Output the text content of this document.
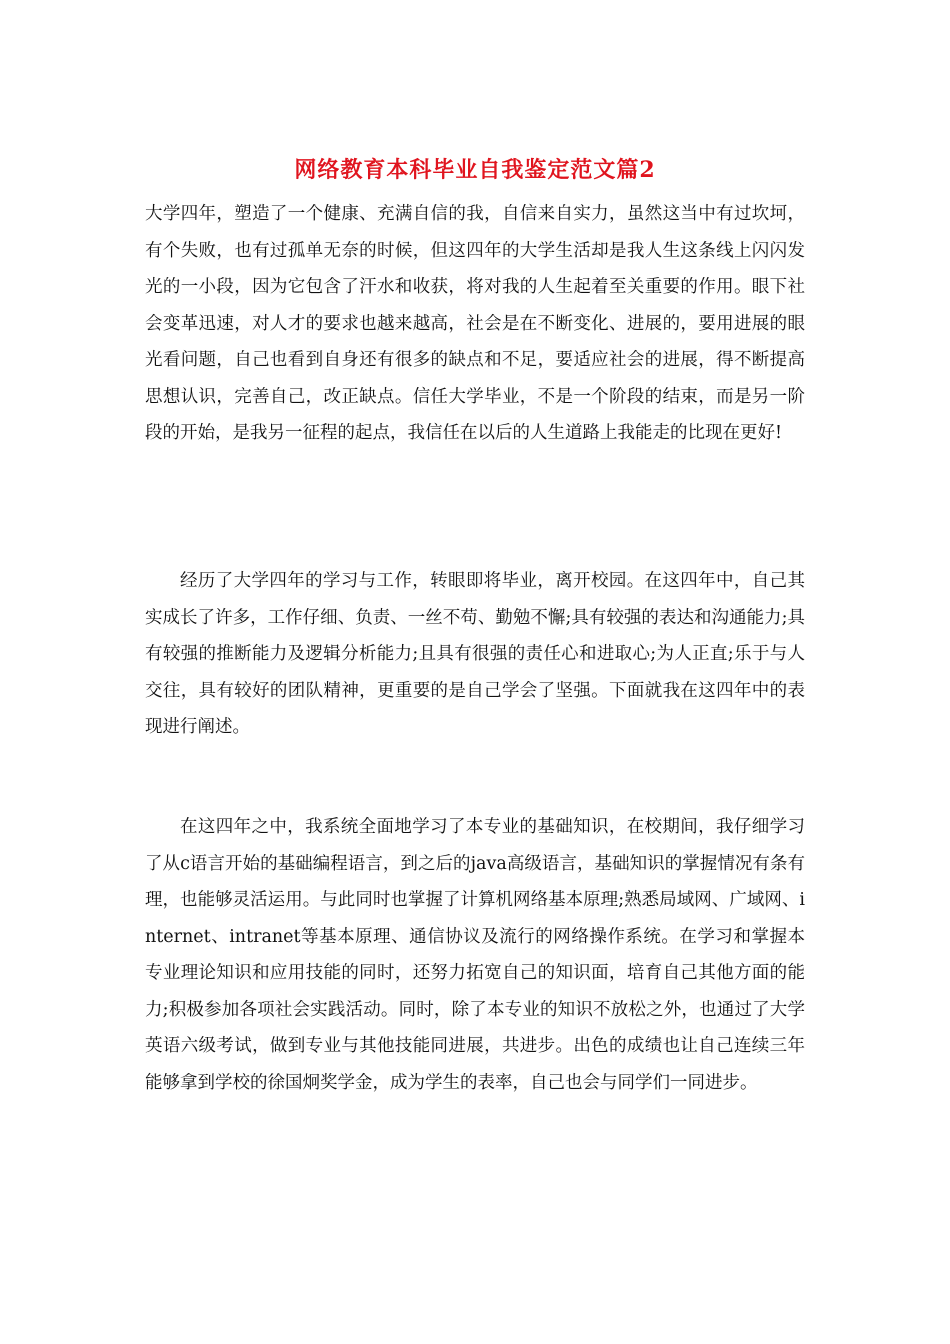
网络教育本科毕业自我鉴定范文篇2

大学四年，塑造了一个健康、充满自信的我，自信来自实力，虽然这当中有过坎坷，有个失败，也有过孤单无奈的时候，但这四年的大学生活却是我人生这条线上闪闪发光的一小段，因为它包含了汗水和收获，将对我的人生起着至关重要的作用。眼下社会变革迅速，对人才的要求也越来越高，社会是在不断变化、进展的，要用进展的眼光看问题，自己也看到自身还有很多的缺点和不足，要适应社会的进展，得不断提高思想认识，完善自己，改正缺点。信任大学毕业，不是一个阶段的结束，而是另一阶段的开始，是我另一征程的起点，我信任在以后的人生道路上我能走的比现在更好!

经历了大学四年的学习与工作，转眼即将毕业，离开校园。在这四年中，自己其实成长了许多，工作仔细、负责、一丝不苟、勤勉不懈;具有较强的表达和沟通能力;具有较强的推断能力及逻辑分析能力;且具有很强的责任心和进取心;为人正直;乐于与人交往，具有较好的团队精神，更重要的是自己学会了坚强。下面就我在这四年中的表现进行阐述。

在这四年之中，我系统全面地学习了本专业的基础知识，在校期间，我仔细学习了从c语言开始的基础编程语言，到之后的java高级语言，基础知识的掌握情况有条有理，也能够灵活运用。与此同时也掌握了计算机网络基本原理;熟悉局域网、广域网、internet、intranet等基本原理、通信协议及流行的网络操作系统。在学习和掌握本专业理论知识和应用技能的同时，还努力拓宽自己的知识面，培育自己其他方面的能力;积极参加各项社会实践活动。同时，除了本专业的知识不放松之外，也通过了大学英语六级考试，做到专业与其他技能同进展，共进步。出色的成绩也让自己连续三年能够拿到学校的徐国炯奖学金，成为学生的表率，自己也会与同学们一同进步。
